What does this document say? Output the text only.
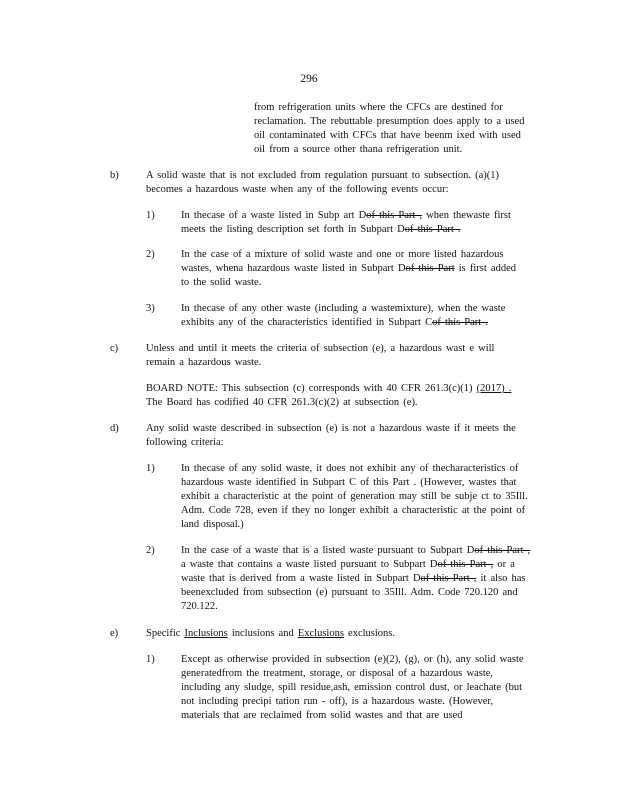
296
from refrigeration units where the CFCs are destined for reclamation. The rebuttable presumption does apply to a used oil contaminated with CFCs that have beenm ixed with used oil from a source other thana refrigeration unit.
b)	A solid waste that is not excluded from regulation pursuant to subsection. (a)(1) becomes a hazardous waste when any of the following events occur:
1)	In thecase of a waste listed in Subp art Dof this Part , when thewaste first meets the listing description set forth in Subpart Dof this Part .
2)	In the case of a mixture of solid waste and one or more listed hazardous wastes, whena hazardous waste listed in Subpart Dof this Part is first added to the solid waste.
3)	In thecase of any other waste (including a wastemixture), when the waste exhibits any of the characteristics identified in Subpart Cof this Part .
c)	Unless and until it meets the criteria of subsection (e), a hazardous wast e will remain a hazardous waste.
BOARD NOTE: This subsection (c) corresponds with 40 CFR 261.3(c)(1) (2017) . The Board has codified 40 CFR 261.3(c)(2) at subsection (e).
d)	Any solid waste described in subsection (e) is not a hazardous waste if it meets the following criteria:
1)	In thecase of any solid waste, it does not exhibit any of thecharacteristics of hazardous waste identified in Subpart C of this Part . (However, wastes that exhibit a characteristic at the point of generation may still be subje ct to 35Ill. Adm. Code 728, even if they no longer exhibit a characteristic at the point of land disposal.)
2)	In the case of a waste that is a listed waste pursuant to Subpart Dof this Part , a waste that contains a waste listed pursuant to Subpart Dof this Part , or a waste that is derived from a waste listed in Subpart Dof this Part , it also has beenexcluded from subsection (e) pursuant to 35Ill. Adm. Code 720.120 and 720.122.
e)	Specific Inclusions inclusions and Exclusions exclusions.
1)	Except as otherwise provided in subsection (e)(2), (g), or (h), any solid waste generatedfrom the treatment, storage, or disposal of a hazardous waste, including any sludge, spill residue,ash, emission control dust, or leachate (but not including precipi tation run - off), is a hazardous waste. (However, materials that are reclaimed from solid wastes and that are used
